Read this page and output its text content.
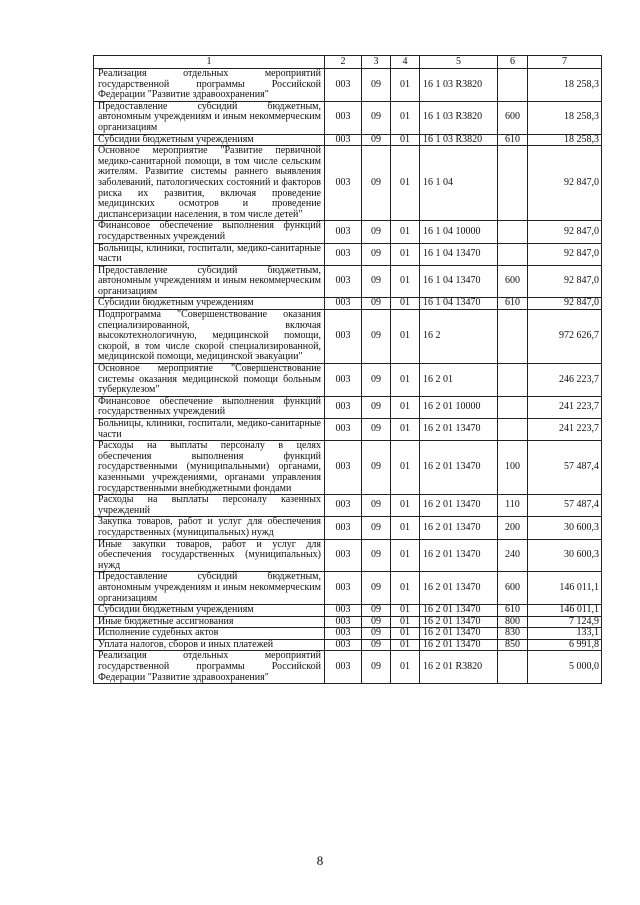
1	2	3	4	5	6	7
Реализация отдельных мероприятий государственной программы Российской Федерации "Развитие здравоохранения"	003	09	01	16 1 03 R3820		18 258,3
Предоставление субсидий бюджетным, автономным учреждениям и иным некоммерческим организациям	003	09	01	16 1 03 R3820	600	18 258,3
Субсидии бюджетным учреждениям	003	09	01	16 1 03 R3820	610	18 258,3
Основное мероприятие "Развитие первичной медико-санитарной помощи, в том числе сельским жителям. Развитие системы раннего выявления заболеваний, патологических состояний и факторов риска их развития, включая проведение медицинских осмотров и проведение диспансеризации населения, в том числе детей"	003	09	01	16 1 04		92 847,0
Финансовое обеспечение выполнения функций государственных учреждений	003	09	01	16 1 04 10000		92 847,0
Больницы, клиники, госпитали, медико-санитарные части	003	09	01	16 1 04 13470		92 847,0
Предоставление субсидий бюджетным, автономным учреждениям и иным некоммерческим организациям	003	09	01	16 1 04 13470	600	92 847,0
Субсидии бюджетным учреждениям	003	09	01	16 1 04 13470	610	92 847,0
Подпрограмма "Совершенствование оказания специализированной, включая высокотехнологичную, медицинской помощи, скорой, в том числе скорой специализированной, медицинской помощи, медицинской эвакуации"	003	09	01	16 2		972 626,7
Основное мероприятие "Совершенствование системы оказания медицинской помощи больным туберкулезом"	003	09	01	16 2 01		246 223,7
Финансовое обеспечение выполнения функций государственных учреждений	003	09	01	16 2 01 10000		241 223,7
Больницы, клиники, госпитали, медико-санитарные части	003	09	01	16 2 01 13470		241 223,7
Расходы на выплаты персоналу в целях обеспечения выполнения функций государственными (муниципальными) органами, казенными учреждениями, органами управления государственными внебюджетными фондами	003	09	01	16 2 01 13470	100	57 487,4
Расходы на выплаты персоналу казенных учреждений	003	09	01	16 2 01 13470	110	57 487,4
Закупка товаров, работ и услуг для обеспечения государственных (муниципальных) нужд	003	09	01	16 2 01 13470	200	30 600,3
Иные закупки товаров, работ и услуг для обеспечения государственных (муниципальных) нужд	003	09	01	16 2 01 13470	240	30 600,3
Предоставление субсидий бюджетным, автономным учреждениям и иным некоммерческим организациям	003	09	01	16 2 01 13470	600	146 011,1
Субсидии бюджетным учреждениям	003	09	01	16 2 01 13470	610	146 011,1
Иные бюджетные ассигнования	003	09	01	16 2 01 13470	800	7 124,9
Исполнение судебных актов	003	09	01	16 2 01 13470	830	133,1
Уплата налогов, сборов и иных платежей	003	09	01	16 2 01 13470	850	6 991,8
Реализация отдельных мероприятий государственной программы Российской Федерации "Развитие здравоохранения"	003	09	01	16 2 01 R3820		5 000,0
8
